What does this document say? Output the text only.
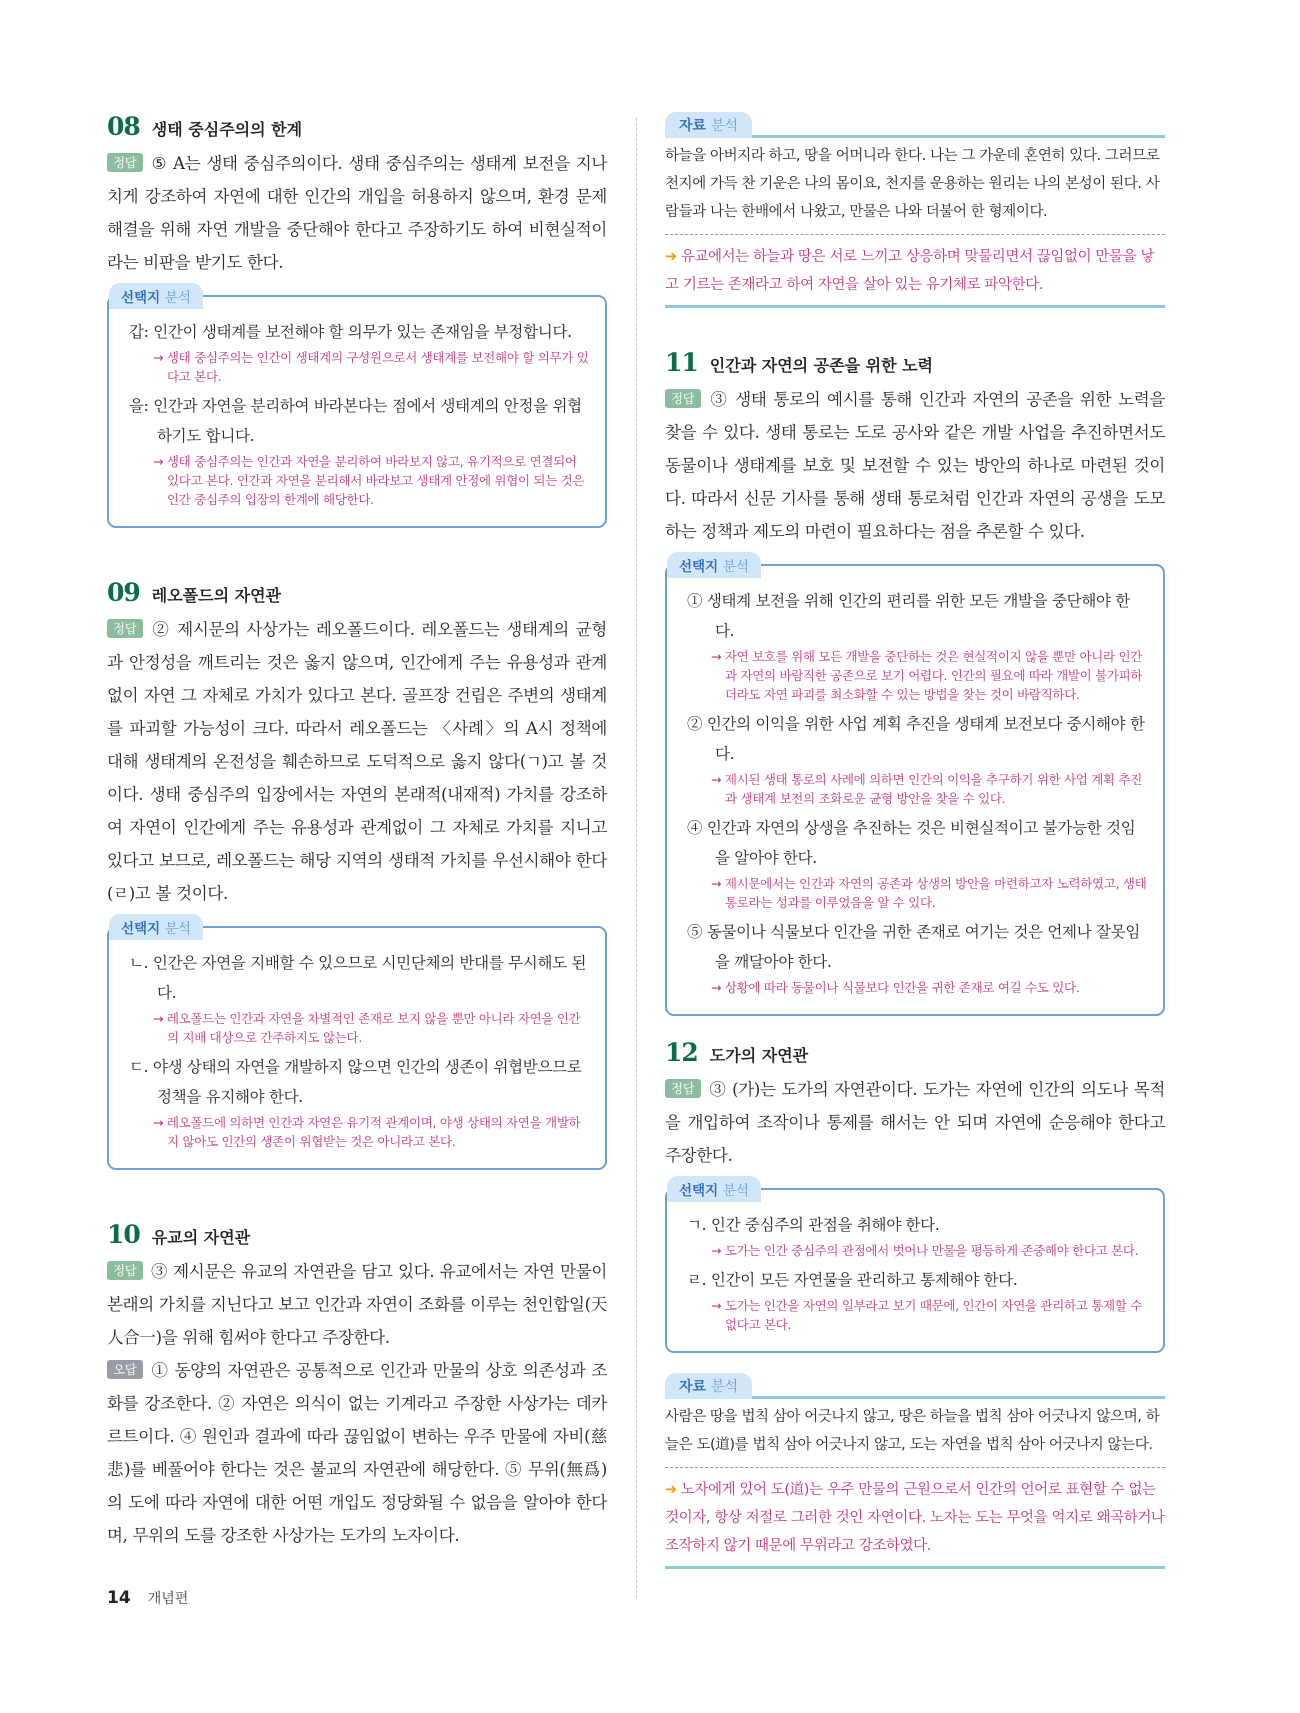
08 생태 중심주의의 한계

정답 ⑤ A는 생태 중심주의이다. 생태 중심주의는 생태계 보전을 지나치게 강조하여 자연에 대한 인간의 개입을 허용하지 않으며, 환경 문제 해결을 위해 자연 개발을 중단해야 한다고 주장하기도 하여 비현실적이라는 비판을 받기도 한다.

선택지 분석

갑: 인간이 생태계를 보전해야 할 의무가 있는 존재임을 부정합니다.

→ 생태 중심주의는 인간이 생태계의 구성원으로서 생태계를 보전해야 할 의무가 있다고 본다.

을: 인간과 자연을 분리하여 바라본다는 점에서 생태계의 안정을 위협하기도 합니다.

→ 생태 중심주의는 인간과 자연을 분리하여 바라보지 않고, 유기적으로 연결되어 있다고 본다. 인간과 자연을 분리해서 바라보고 생태계 안정에 위협이 되는 것은 인간 중심주의 입장의 한계에 해당한다.

09 레오폴드의 자연관

정답 ② 제시문의 사상가는 레오폴드이다. 레오폴드는 생태계의 균형과 안정성을 깨트리는 것은 옳지 않으며, 인간에게 주는 유용성과 관계없이 자연 그 자체로 가치가 있다고 본다. 골프장 건립은 주변의 생태계를 파괴할 가능성이 크다. 따라서 레오폴드는 〈사례〉의 A시 정책에 대해 생태계의 온전성을 훼손하므로 도덕적으로 옳지 않다(ㄱ)고 볼 것이다. 생태 중심주의 입장에서는 자연의 본래적(내재적) 가치를 강조하여 자연이 인간에게 주는 유용성과 관계없이 그 자체로 가치를 지니고 있다고 보므로, 레오폴드는 해당 지역의 생태적 가치를 우선시해야 한다(ㄹ)고 볼 것이다.

선택지 분석

ㄴ. 인간은 자연을 지배할 수 있으므로 시민단체의 반대를 무시해도 된다.

→ 레오폴드는 인간과 자연을 차별적인 존재로 보지 않을 뿐만 아니라 자연을 인간의 지배 대상으로 간주하지도 않는다.

ㄷ. 야생 상태의 자연을 개발하지 않으면 인간의 생존이 위협받으므로 정책을 유지해야 한다.

→ 레오폴드에 의하면 인간과 자연은 유기적 관계이며, 야생 상태의 자연을 개발하지 않아도 인간의 생존이 위협받는 것은 아니라고 본다.

10 유교의 자연관

정답 ③ 제시문은 유교의 자연관을 담고 있다. 유교에서는 자연 만물이 본래의 가치를 지닌다고 보고 인간과 자연이 조화를 이루는 천인합일(天人合一)을 위해 힘써야 한다고 주장한다.

오답 ① 동양의 자연관은 공통적으로 인간과 만물의 상호 의존성과 조화를 강조한다. ② 자연은 의식이 없는 기계라고 주장한 사상가는 데카르트이다. ④ 원인과 결과에 따라 끊임없이 변하는 우주 만물에 자비(慈悲)를 베풀어야 한다는 것은 불교의 자연관에 해당한다. ⑤ 무위(無爲)의 도에 따라 자연에 대한 어떤 개입도 정당화될 수 없음을 알아야 한다며, 무위의 도를 강조한 사상가는 도가의 노자이다.

자료 분석

하늘을 아버지라 하고, 땅을 어머니라 한다. 나는 그 가운데 혼연히 있다. 그러므로 천지에 가득 찬 기운은 나의 몸이요, 천지를 운용하는 원리는 나의 본성이 된다. 사람들과 나는 한배에서 나왔고, 만물은 나와 더불어 한 형제이다.

➜ 유교에서는 하늘과 땅은 서로 느끼고 상응하며 맞물리면서 끊임없이 만물을 낳고 기르는 존재라고 하여 자연을 살아 있는 유기체로 파악한다.

11 인간과 자연의 공존을 위한 노력

정답 ③ 생태 통로의 예시를 통해 인간과 자연의 공존을 위한 노력을 찾을 수 있다. 생태 통로는 도로 공사와 같은 개발 사업을 추진하면서도 동물이나 생태계를 보호 및 보전할 수 있는 방안의 하나로 마련된 것이다. 따라서 신문 기사를 통해 생태 통로처럼 인간과 자연의 공생을 도모하는 정책과 제도의 마련이 필요하다는 점을 추론할 수 있다.

선택지 분석

① 생태계 보전을 위해 인간의 편리를 위한 모든 개발을 중단해야 한다.

→ 자연 보호를 위해 모든 개발을 중단하는 것은 현실적이지 않을 뿐만 아니라 인간과 자연의 바람직한 공존으로 보기 어렵다. 인간의 필요에 따라 개발이 불가피하더라도 자연 파괴를 최소화할 수 있는 방법을 찾는 것이 바람직하다.

② 인간의 이익을 위한 사업 계획 추진을 생태계 보전보다 중시해야 한다.

→ 제시된 생태 통로의 사례에 의하면 인간의 이익을 추구하기 위한 사업 계획 추진과 생태계 보전의 조화로운 균형 방안을 찾을 수 있다.

④ 인간과 자연의 상생을 추진하는 것은 비현실적이고 불가능한 것임을 알아야 한다.

→ 제시문에서는 인간과 자연의 공존과 상생의 방안을 마련하고자 노력하였고, 생태 통로라는 성과를 이루었음을 알 수 있다.

⑤ 동물이나 식물보다 인간을 귀한 존재로 여기는 것은 언제나 잘못임을 깨달아야 한다.

→ 상황에 따라 동물이나 식물보다 인간을 귀한 존재로 여길 수도 있다.

12 도가의 자연관

정답 ③ (가)는 도가의 자연관이다. 도가는 자연에 인간의 의도나 목적을 개입하여 조작이나 통제를 해서는 안 되며 자연에 순응해야 한다고 주장한다.

선택지 분석

ㄱ. 인간 중심주의 관점을 취해야 한다.

→ 도가는 인간 중심주의 관점에서 벗어나 만물을 평등하게 존중해야 한다고 본다.

ㄹ. 인간이 모든 자연물을 관리하고 통제해야 한다.

→ 도가는 인간을 자연의 일부라고 보기 때문에, 인간이 자연을 관리하고 통제할 수 없다고 본다.

자료 분석

사람은 땅을 법칙 삼아 어긋나지 않고, 땅은 하늘을 법칙 삼아 어긋나지 않으며, 하늘은 도(道)를 법칙 삼아 어긋나지 않고, 도는 자연을 법칙 삼아 어긋나지 않는다.

➜ 노자에게 있어 도(道)는 우주 만물의 근원으로서 인간의 언어로 표현할 수 없는 것이자, 항상 저절로 그러한 것인 자연이다. 노자는 도는 무엇을 억지로 왜곡하거나 조작하지 않기 때문에 무위라고 강조하였다.

14 개념편
